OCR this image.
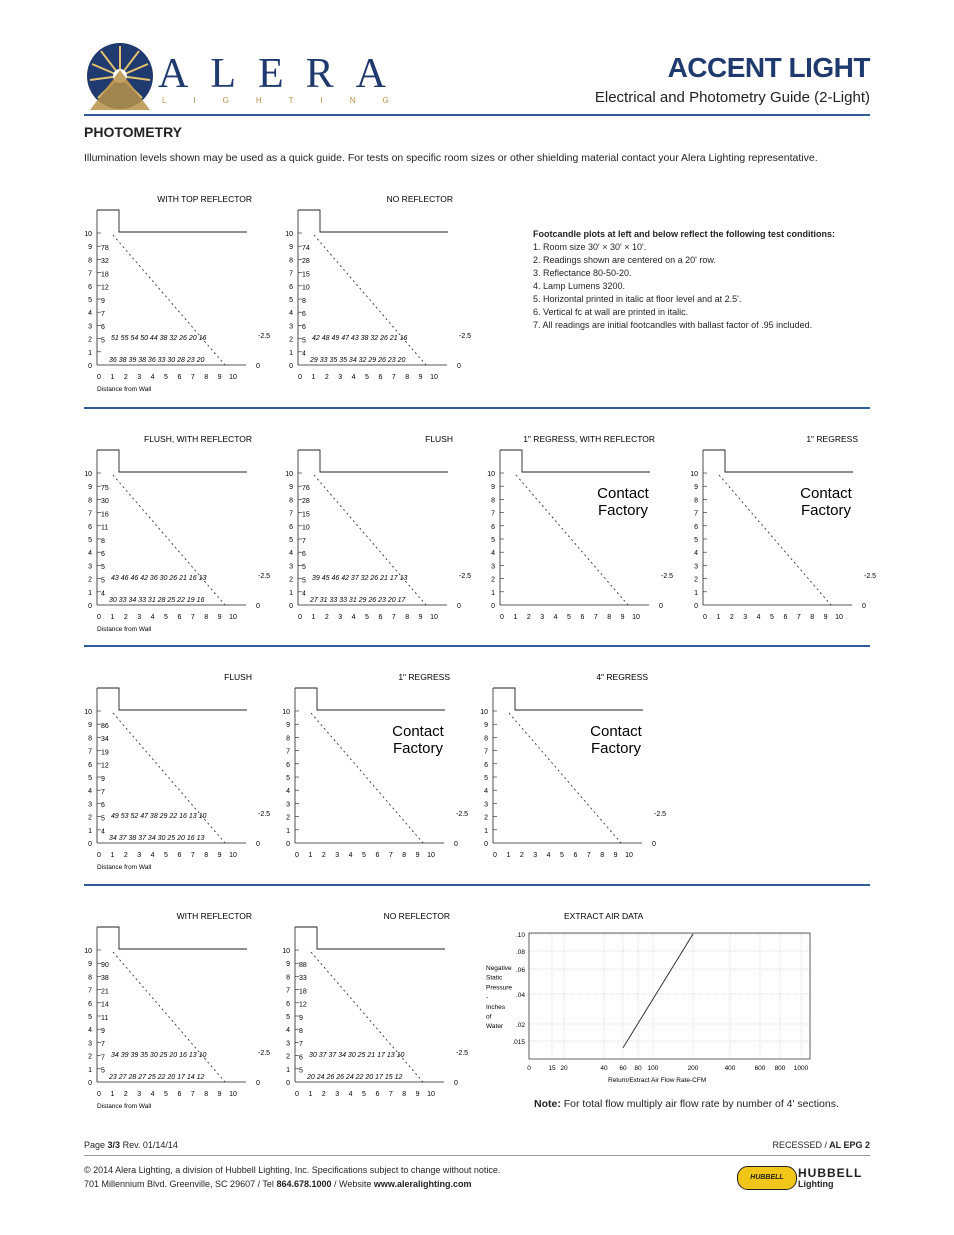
ALERA
LIGHTING
ACCENT LIGHT
Electrical and Photometry Guide (2-Light)
PHOTOMETRY
Illumination levels shown may be used as a quick guide. For tests on specific room sizes or other shielding material contact your Alera Lighting representative.
Footcandle plots at left and below reflect the following test conditions:
1. Room size 30' × 30' × 10'.
2. Readings shown are centered on a 20' row.
3. Reflectance 80-50-20.
4. Lamp Lumens 3200.
5. Horizontal printed in italic at floor level and at 2.5'.
6. Vertical fc at wall are printed in italic.
7. All readings are initial footcandles with ballast factor of .95 included.
WITH TOP REFLECTOR
0
1
2
3
4
5
6
7
8
9
10
0 1 2 3 4 5 6 7 8 9 10
-2.5
0
78
32
18
12
9
7
6
5 51 55 54 50 44 38 32 26 20 16
36 38 39 38 36 33 30 28 23 20
Distance from Wall
NO REFLECTOR
0
1
2
3
4
5
6
7
8
9
10
0 1 2 3 4 5 6 7 8 9 10
-2.5
0
74
28
15
10
8
6
6
5
4
42 48 49 47 43 38 32 26 21 16
29 33 35 35 34 32 29 26 23 20
FLUSH, WITH REFLECTOR
0
1
2
3
4
5
6
7
8
9
10
0 1 2 3 4 5 6 7 8 9 10
-2.5
0
75
30
16
11
8
6
5
5
4
43 46 46 42 36 30 26 21 16 13
30 33 34 33 31 28 25 22 19 16
Distance from Wall
FLUSH
0
1
2
3
4
5
6
7
8
9
10
0 1 2 3 4 5 6 7 8 9 10
-2.5
0
76
28
15
10
7
6
5
5
4
39 45 46 42 37 32 26 21 17 13
27 31 33 33 31 29 26 23 20 17
1" REGRESS, WITH REFLECTOR
0
1
2
3
4
5
6
7
8
9
10
0 1 2 3 4 5 6 7 8 9 10
-2.5
0
Contact
Factory
1" REGRESS
0
1
2
3
4
5
6
7
8
9
10
0 1 2 3 4 5 6 7 8 9 10
-2.5
0
Contact
Factory
FLUSH
0
1
2
3
4
5
6
7
8
9
10
0 1 2 3 4 5 6 7 8 9 10
-2.5
0
86
34
19
12
9
7
6
5
4
49 53 52 47 38 29 22 16 13 10
34 37 38 37 34 30 25 20 16 13
Distance from Wall
1" REGRESS
0
1
2
3
4
5
6
7
8
9
10
0 1 2 3 4 5 6 7 8 9 10
-2.5
0
Contact
Factory
4" REGRESS
0
1
2
3
4
5
6
7
8
9
10
0 1 2 3 4 5 6 7 8 9 10
-2.5
0
Contact
Factory
WITH REFLECTOR
0
1
2
3
4
5
6
7
8
9
10
0 1 2 3 4 5 6 7 8 9 10
-2.5
0
90
38
21
14
11
9
7
7
5
34 39 39 35 30 25 20 16 13 10
23 27 28 27 25 22 20 17 14 12
Distance from Wall
NO REFLECTOR
0
1
2
3
4
5
6
7
8
9
10
0 1 2 3 4 5 6 7 8 9 10
-2.5
0
88
33
18
12
9
8
7
6
5
30 37 37 34 30 25 21 17 13 10
20 24 26 26 24 22 20 17 15 12
EXTRACT AIR DATA
0	15 20	40 60 80 100	200	400	600 800 1000
.015
.02
.04
.06
.08
.10
Return/Extract Air Flow Rate-CFM
Negative
Static
Pressure
-
Inches
of
Water
Note: For total flow multiply air flow rate by number of 4' sections.
Page 3/3 Rev. 01/14/14	RECESSED / AL EPG 2
© 2014 Alera Lighting, a division of Hubbell Lighting, Inc. Specifications subject to change without notice.
701 Millennium Blvd. Greenville, SC 29607 / Tel 864.678.1000 / Website www.aleralighting.com
HUBBELL	HUBBELL
Lighting
